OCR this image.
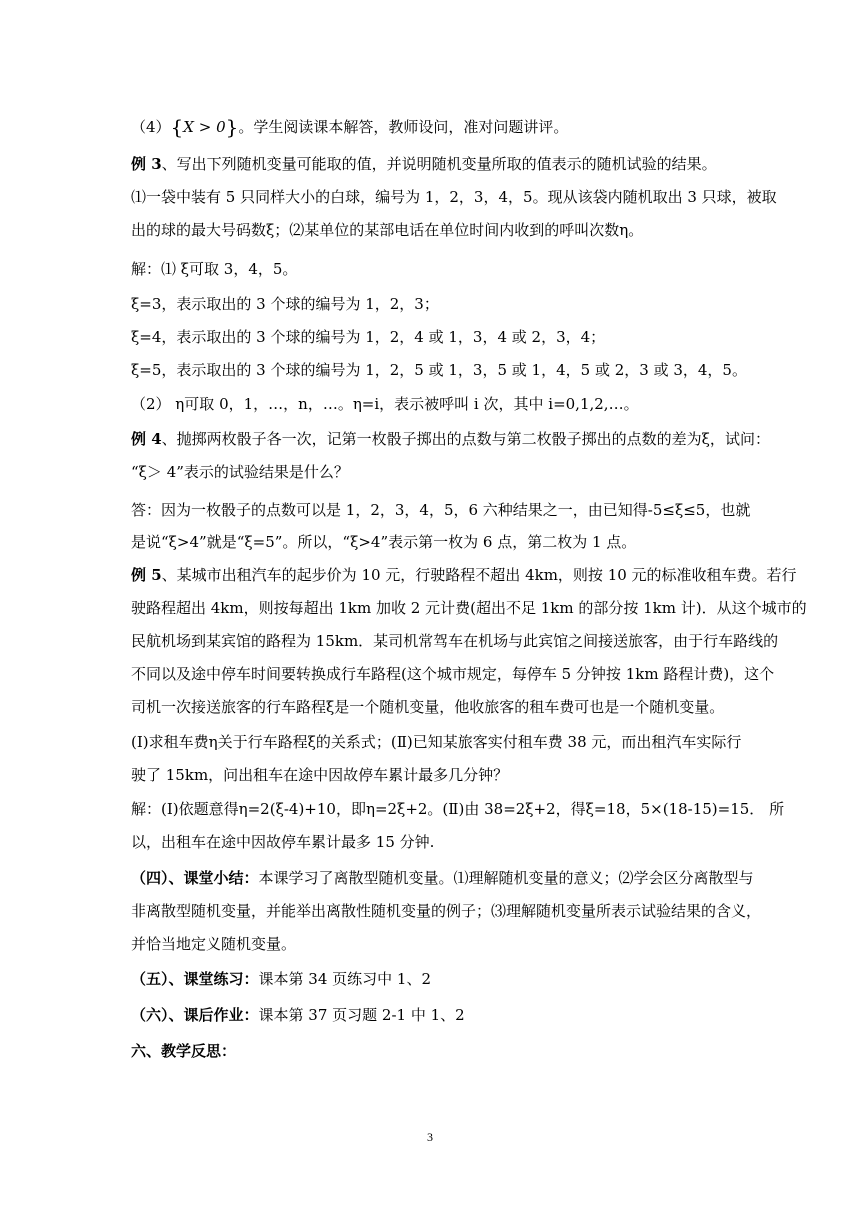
（4）{X > 0}。学生阅读课本解答，教师设问，准对问题讲评。
例 3、写出下列随机变量可能取的值，并说明随机变量所取的值表示的随机试验的结果。
⑴一袋中装有 5 只同样大小的白球，编号为 1，2，3，4，5。现从该袋内随机取出 3 只球，被取
出的球的最大号码数ξ；⑵某单位的某部电话在单位时间内收到的呼叫次数η。
解：⑴ ξ可取 3，4，5。
ξ=3，表示取出的 3 个球的编号为 1，2，3；
ξ=4，表示取出的 3 个球的编号为 1，2，4 或 1，3，4 或 2，3，4；
ξ=5，表示取出的 3 个球的编号为 1，2，5 或 1，3，5 或 1，4，5 或 2，3 或 3，4，5。
（2） η可取 0，1，…，n，…。η=i，表示被呼叫 i 次，其中 i=0,1,2,…。
例 4、抛掷两枚骰子各一次，记第一枚骰子掷出的点数与第二枚骰子掷出的点数的差为ξ，试问：
“ξ＞ 4”表示的试验结果是什么？
答：因为一枚骰子的点数可以是 1，2，3，4，5，6 六种结果之一，由已知得-5≤ξ≤5，也就
是说“ξ>4”就是“ξ=5”。所以，“ξ>4”表示第一枚为 6 点，第二枚为 1 点。
例 5、某城市出租汽车的起步价为 10 元，行驶路程不超出 4km，则按 10 元的标准收租车费。若行
驶路程超出 4km，则按每超出 1km 加收 2 元计费(超出不足 1km 的部分按 1km 计)．从这个城市的
民航机场到某宾馆的路程为 15km．某司机常驾车在机场与此宾馆之间接送旅客，由于行车路线的
不同以及途中停车时间要转换成行车路程(这个城市规定，每停车 5 分钟按 1km 路程计费)，这个
司机一次接送旅客的行车路程ξ是一个随机变量，他收旅客的租车费可也是一个随机变量。
(Ⅰ)求租车费η关于行车路程ξ的关系式；(Ⅱ)已知某旅客实付租车费 38 元，而出租汽车实际行
驶了 15km，问出租车在途中因故停车累计最多几分钟？
解：(Ⅰ)依题意得η=2(ξ-4)+10，即η=2ξ+2。(Ⅱ)由 38=2ξ+2，得ξ=18，5×(18-15)=15． 所
以，出租车在途中因故停车累计最多 15 分钟.
（四）、课堂小结：本课学习了离散型随机变量。⑴理解随机变量的意义；⑵学会区分离散型与
非离散型随机变量，并能举出离散性随机变量的例子；⑶理解随机变量所表示试验结果的含义，
并恰当地定义随机变量。
（五）、课堂练习：课本第 34 页练习中 1、2
（六）、课后作业：课本第 37 页习题 2-1 中 1、2
六、教学反思：
3
